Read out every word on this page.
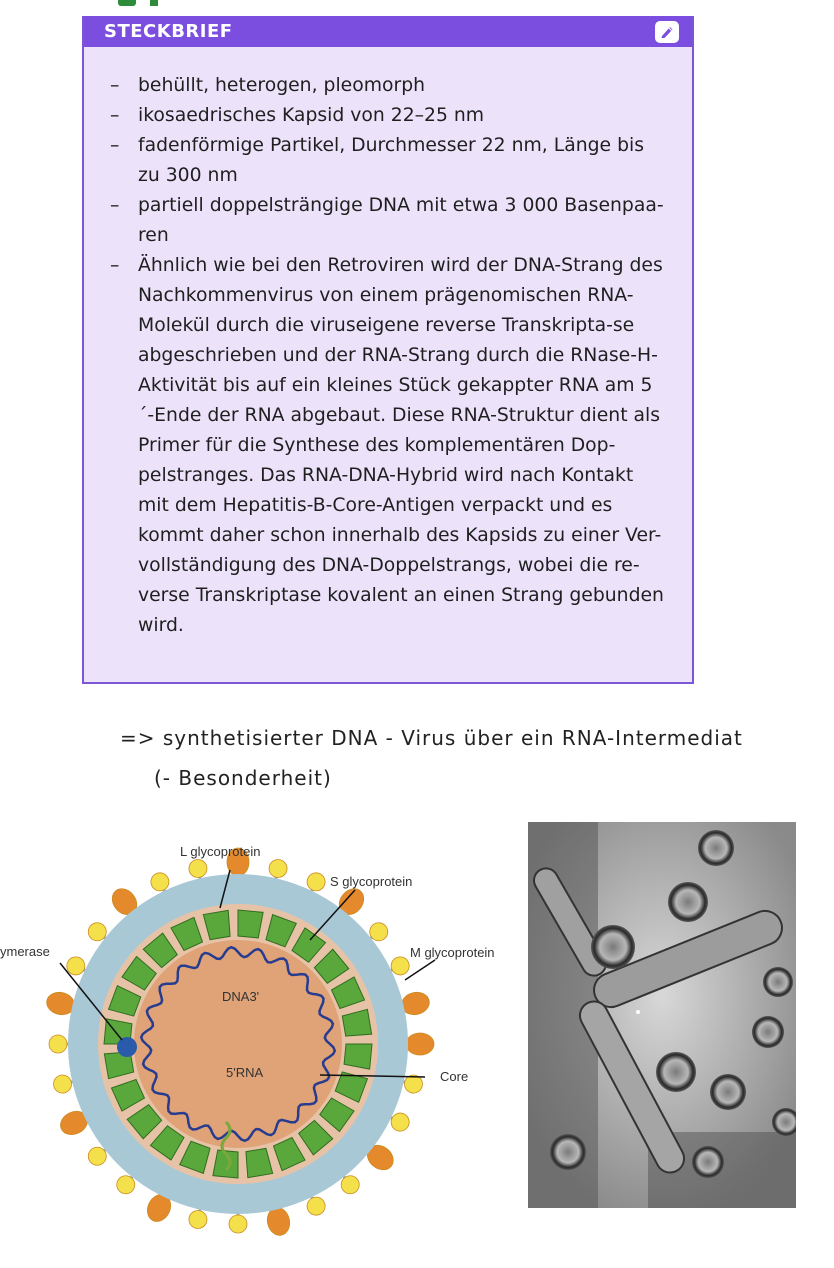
STECKBRIEF
– behüllt, heterogen, pleomorph
– ikosaedrisches Kapsid von 22–25 nm
– fadenförmige Partikel, Durchmesser 22 nm, Länge bis zu 300 nm
– partiell doppelsträngige DNA mit etwa 3 000 Basenpaa-ren
– Ähnlich wie bei den Retroviren wird der DNA-Strang des Nachkommenvirus von einem prägenomischen RNA-Molekül durch die viruseigene reverse Transkripta-se abgeschrieben und der RNA-Strang durch die RNase-H-Aktivität bis auf ein kleines Stück gekappter RNA am 5´-Ende der RNA abgebaut. Diese RNA-Struktur dient als Primer für die Synthese des komplementären Dop-pelstranges. Das RNA-DNA-Hybrid wird nach Kontakt mit dem Hepatitis-B-Core-Antigen verpackt und es kommt daher schon innerhalb des Kapsids zu einer Ver-vollständigung des DNA-Doppelstrangs, wobei die re-verse Transkriptase kovalent an einen Strang gebunden wird.
=> synthetisierter DNA - Virus über ein RNA-Intermediat
(- Besonderheit)
L glycoprotein
S glycoprotein
M glycoprotein
ymerase
DNA3'
5'RNA	Core
